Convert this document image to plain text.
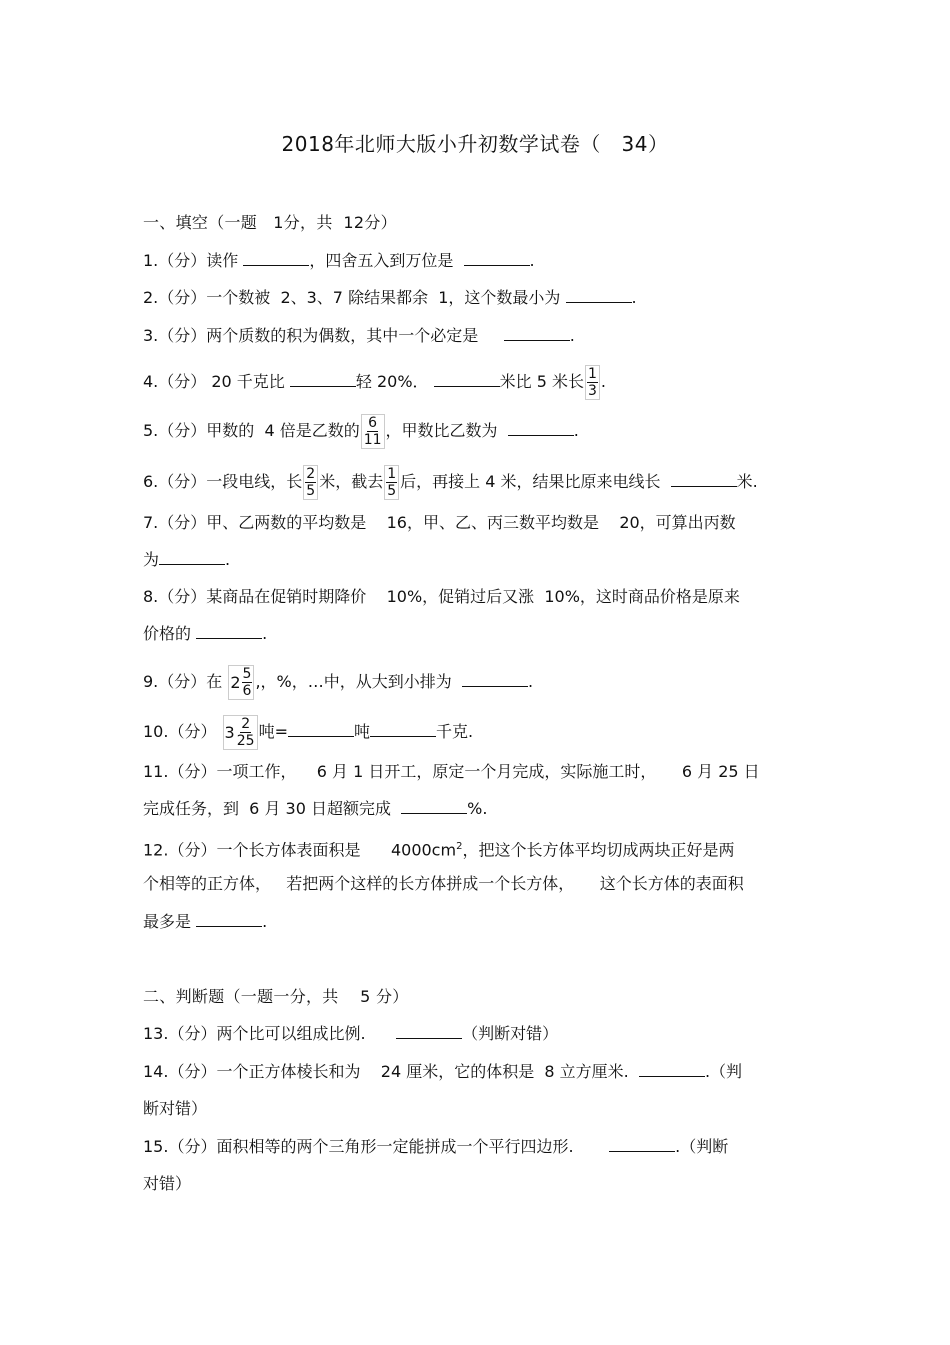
2018年北师大版小升初数学试卷（   34）
一、填空（一题   1分，共  12分）
1.（分）读作	，四舍五入到万位是	.
2.（分）一个数被  2、3、7 除结果都余  1，这个数最小为	.
3.（分）两个质数的积为偶数，其中一个必定是	.
4.（分） 20 千克比	轻 20%．	米比 5 米长 $\frac{1}{3}$ .
5.（分）甲数的  4 倍是乙数的 $\frac{6}{11}$ ，甲数比乙数为	.
6.（分）一段电线，长 $\frac{2}{5}$ 米，截去 $\frac{1}{5}$ 后，再接上 4 米，结果比原来电线长	米.
7.（分）甲、乙两数的平均数是    16，甲、乙、丙三数平均数是    20，可算出丙数
为	.
8.（分）某商品在促销时期降价    10%，促销过后又涨  10%，这时商品价格是原来
价格的	.
9.（分）在 $2 \frac{5}{6}$ ,，%，…中，从大到小排为	.
10.（分） $3 \frac{2}{25}$ 吨=	吨	千克.
11.（分）一项工作，    6 月 1 日开工，原定一个月完成，实际施工时，     6 月 25 日
完成任务，到  6 月 30 日超额完成	%.
12.（分）一个长方体表面积是      $4000cm^2$，把这个长方体平均切成两块正好是两
个相等的正方体，   若把两个这样的长方体拼成一个长方体，     这个长方体的表面积
最多是	.
二、判断题（一题一分，共    5 分）
13.（分）两个比可以组成比例.	（判断对错）
14.（分）一个正方体棱长和为    24 厘米，它的体积是  8 立方厘米.	.（判
断对错）
15.（分）面积相等的两个三角形一定能拼成一个平行四边形.	.（判断
对错）
